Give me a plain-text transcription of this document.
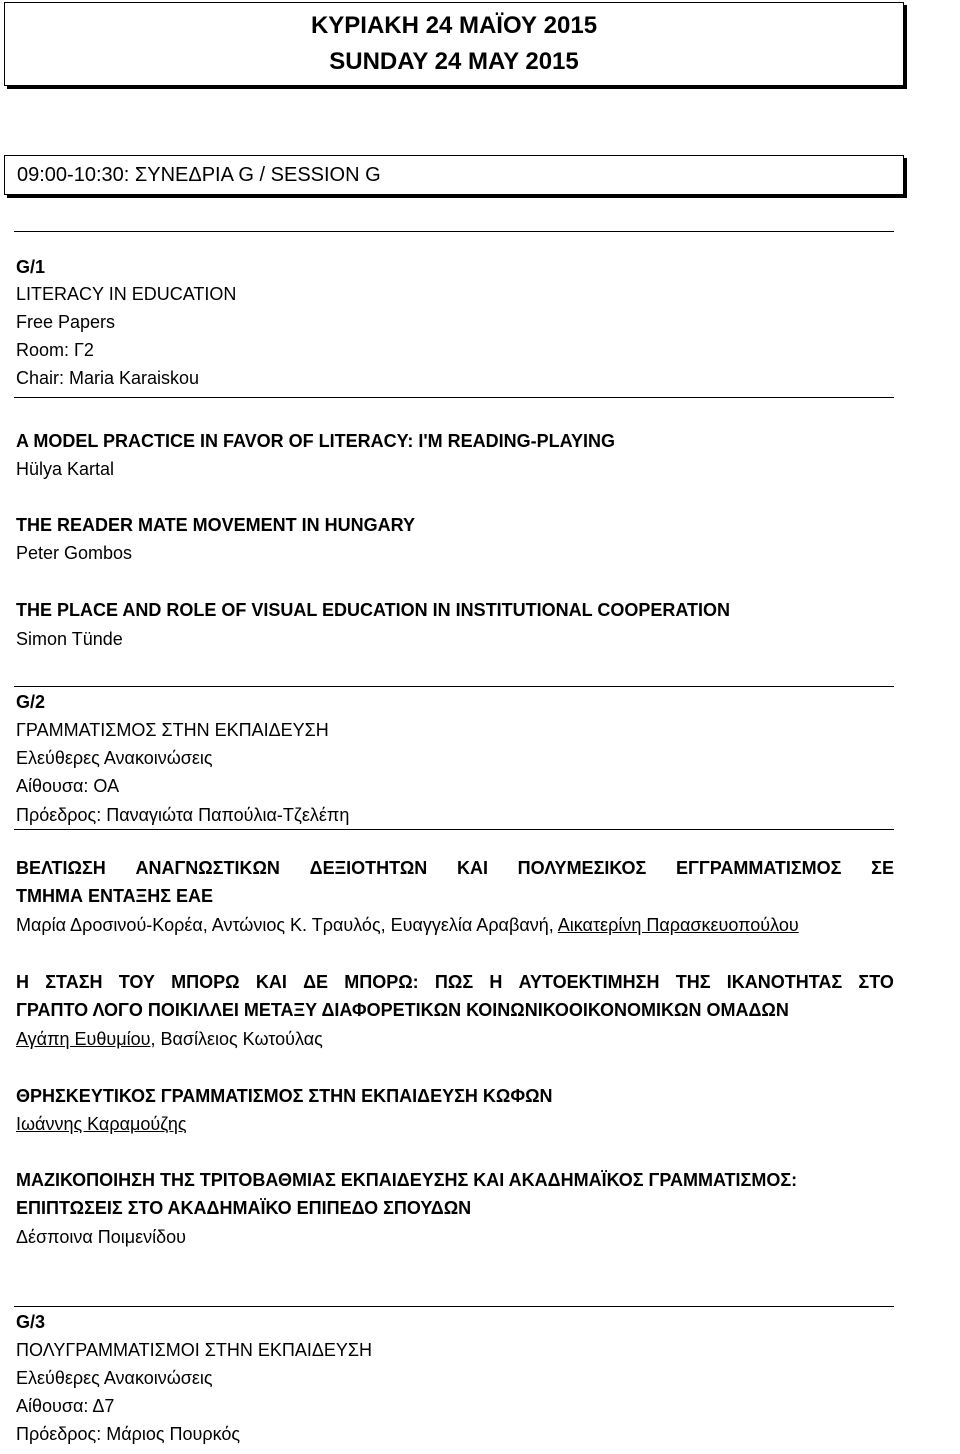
ΚΥΡΙΑΚΗ 24 ΜΑΪΟΥ 2015
SUNDAY 24 MAY 2015
09:00-10:30: ΣΥΝΕΔΡΙΑ G / SESSION G
G/1
LITERACY IN EDUCATION
Free Papers
Room: Γ2
Chair: Maria Karaiskou
A MODEL PRACTICE IN FAVOR OF LITERACY: I'M READING-PLAYING
Hülya Kartal
THE READER MATE MOVEMENT IN HUNGARY
Peter Gombos
THE PLACE AND ROLE OF VISUAL EDUCATION IN INSTITUTIONAL COOPERATION
Simon Tünde
G/2
ΓΡΑΜΜΑΤΙΣΜΟΣ ΣΤΗΝ ΕΚΠΑΙΔΕΥΣΗ
Ελεύθερες Ανακοινώσεις
Αίθουσα: ΟΑ
Πρόεδρος: Παναγιώτα Παπούλια-Τζελέπη
ΒΕΛΤΙΩΣΗ ΑΝΑΓΝΩΣΤΙΚΩΝ ΔΕΞΙΟΤΗΤΩΝ ΚΑΙ ΠΟΛΥΜΕΣΙΚΟΣ ΕΓΓΡΑΜΜΑΤΙΣΜΟΣ ΣΕ
ΤΜΗΜΑ ΕΝΤΑΞΗΣ ΕΑΕ
Μαρία Δροσινού-Κορέα, Αντώνιος Κ. Τραυλός, Ευαγγελία Αραβανή, Αικατερίνη Παρασκευοπούλου
Η ΣΤΑΣΗ ΤΟΥ ΜΠΟΡΩ ΚΑΙ ΔΕ ΜΠΟΡΩ: ΠΩΣ Η ΑΥΤΟΕΚΤΙΜΗΣΗ ΤΗΣ ΙΚΑΝΟΤΗΤΑΣ ΣΤΟ
ΓΡΑΠΤΟ ΛΟΓΟ ΠΟΙΚΙΛΛΕΙ ΜΕΤΑΞΥ ΔΙΑΦΟΡΕΤΙΚΩΝ ΚΟΙΝΩΝΙΚΟΟΙΚΟΝΟΜΙΚΩΝ ΟΜΑΔΩΝ
Αγάπη Ευθυμίου, Βασίλειος Κωτούλας
ΘΡΗΣΚΕΥΤΙΚΟΣ ΓΡΑΜΜΑΤΙΣΜΟΣ ΣΤΗΝ ΕΚΠΑΙΔΕΥΣΗ ΚΩΦΩΝ
Ιωάννης Καραμούζης
ΜΑΖΙΚΟΠΟΙΗΣΗ ΤΗΣ ΤΡΙΤΟΒΑΘΜΙΑΣ ΕΚΠΑΙΔΕΥΣΗΣ ΚΑΙ ΑΚΑΔΗΜΑΪΚΟΣ ΓΡΑΜΜΑΤΙΣΜΟΣ:
ΕΠΙΠΤΩΣΕΙΣ ΣΤΟ ΑΚΑΔΗΜΑΪΚΟ ΕΠΙΠΕΔΟ ΣΠΟΥΔΩΝ
Δέσποινα Ποιμενίδου
G/3
ΠΟΛΥΓΡΑΜΜΑΤΙΣΜΟΙ ΣΤΗΝ ΕΚΠΑΙΔΕΥΣΗ
Ελεύθερες Ανακοινώσεις
Αίθουσα: Δ7
Πρόεδρος: Μάριος Πουρκός
